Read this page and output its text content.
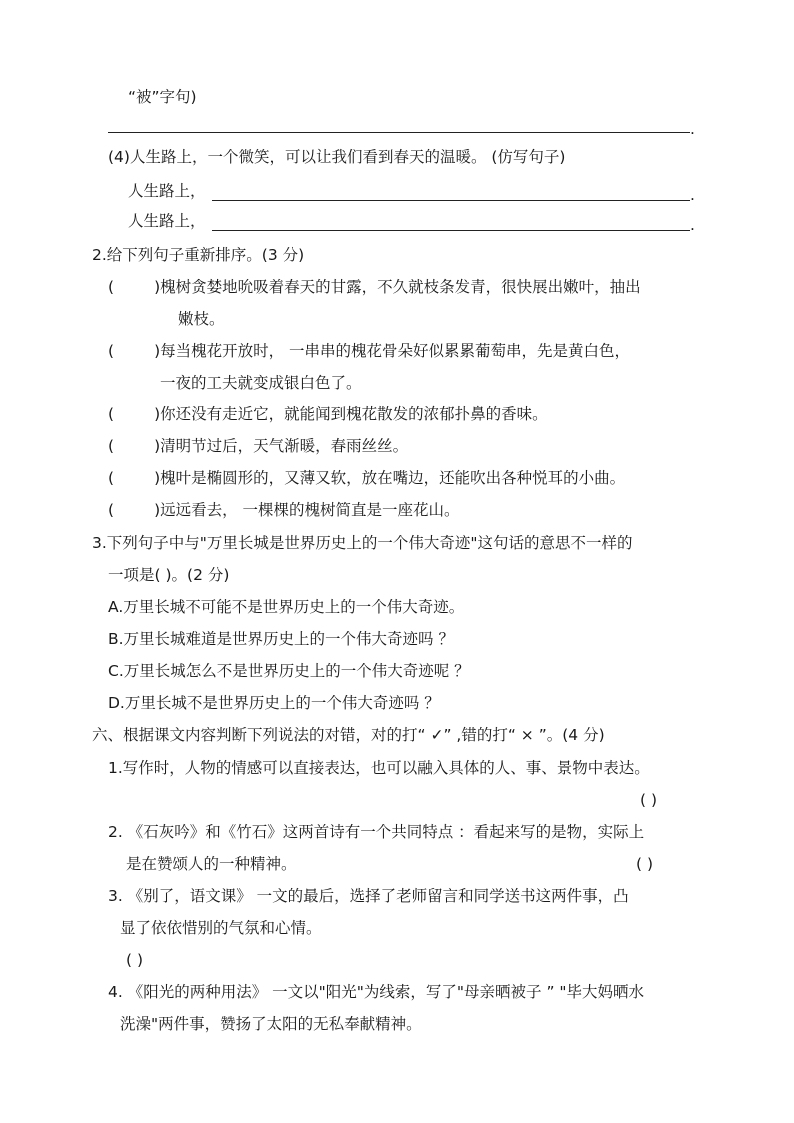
“被”字句)
.
(4)人生路上，一个微笑，可以让我们看到春天的温暖。 (仿写句子)
人生路上，	.
人生路上，	.
2.给下列句子重新排序。(3 分)
(	)槐树贪婪地吮吸着春天的甘露，不久就枝条发青，很快展出嫩叶，抽出
嫩枝。
(	)每当槐花开放时， 一串串的槐花骨朵好似累累葡萄串，先是黄白色，
一夜的工夫就变成银白色了。
(	)你还没有走近它，就能闻到槐花散发的浓郁扑鼻的香味。
(	)清明节过后，天气渐暖，春雨丝丝。
(	)槐叶是椭圆形的，又薄又软，放在嘴边，还能吹出各种悦耳的小曲。
(	)远远看去， 一棵棵的槐树简直是一座花山。
3.下列句子中与"万里长城是世界历史上的一个伟大奇迹"这句话的意思不一样的
一项是( )。(2 分)
A.万里长城不可能不是世界历史上的一个伟大奇迹。
B.万里长城难道是世界历史上的一个伟大奇迹吗 ？
C.万里长城怎么不是世界历史上的一个伟大奇迹呢 ？
D.万里长城不是世界历史上的一个伟大奇迹吗 ？
六、根据课文内容判断下列说法的对错，对的打“ ✓” ,错的打“ × ”。(4 分)
1.写作时，人物的情感可以直接表达，也可以融入具体的人、事、景物中表达。
( )
2. 《石灰吟》和《竹石》这两首诗有一个共同特点 ：看起来写的是物，实际上
是在赞颂人的一种精神。	( )
3. 《别了，语文课》 一文的最后，选择了老师留言和同学送书这两件事，凸
显了依依惜别的气氛和心情。
( )
4. 《阳光的两种用法》 一文以"阳光"为线索，写了"母亲晒被子 ” "毕大妈晒水
洗澡"两件事，赞扬了太阳的无私奉献精神。
